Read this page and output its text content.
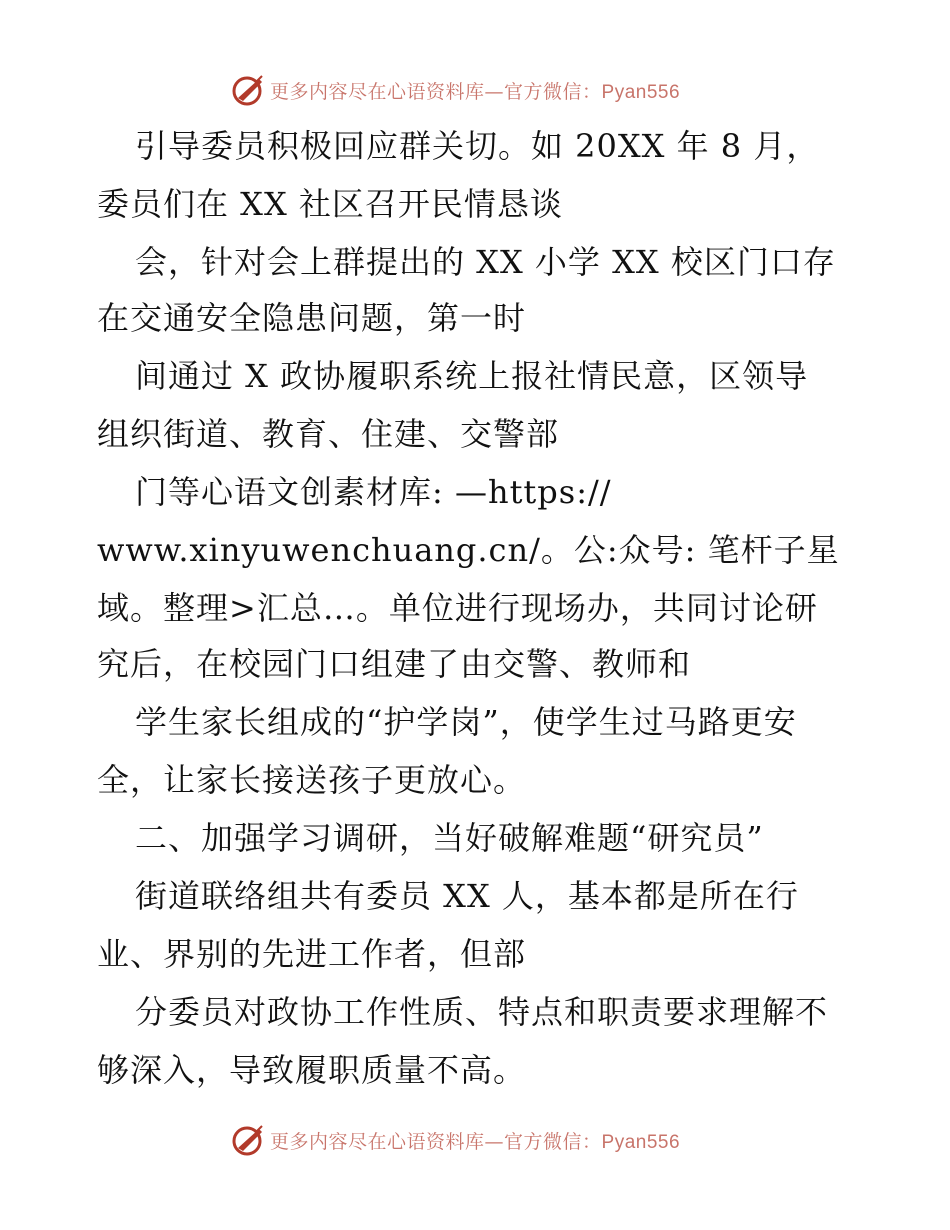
更多内容尽在心语资料库—官方微信：Pyan556
引导委员积极回应群关切。如 20XX 年 8 月，
委员们在 XX 社区召开民情恳谈
会，针对会上群提出的 XX 小学 XX 校区门口存
在交通安全隐患问题，第一时
间通过 X 政协履职系统上报社情民意，区领导
组织街道、教育、住建、交警部
门等心语文创素材库: —https://
www.xinyuwenchuang.cn/。公:众号: 笔杆子星
域。整理>汇总…。单位进行现场办，共同讨论研
究后，在校园门口组建了由交警、教师和
学生家长组成的“护学岗”，使学生过马路更安
全，让家长接送孩子更放心。
二、加强学习调研，当好破解难题“研究员”
街道联络组共有委员 XX 人，基本都是所在行
业、界别的先进工作者，但部
分委员对政协工作性质、特点和职责要求理解不
够深入，导致履职质量不高。
更多内容尽在心语资料库—官方微信：Pyan556
